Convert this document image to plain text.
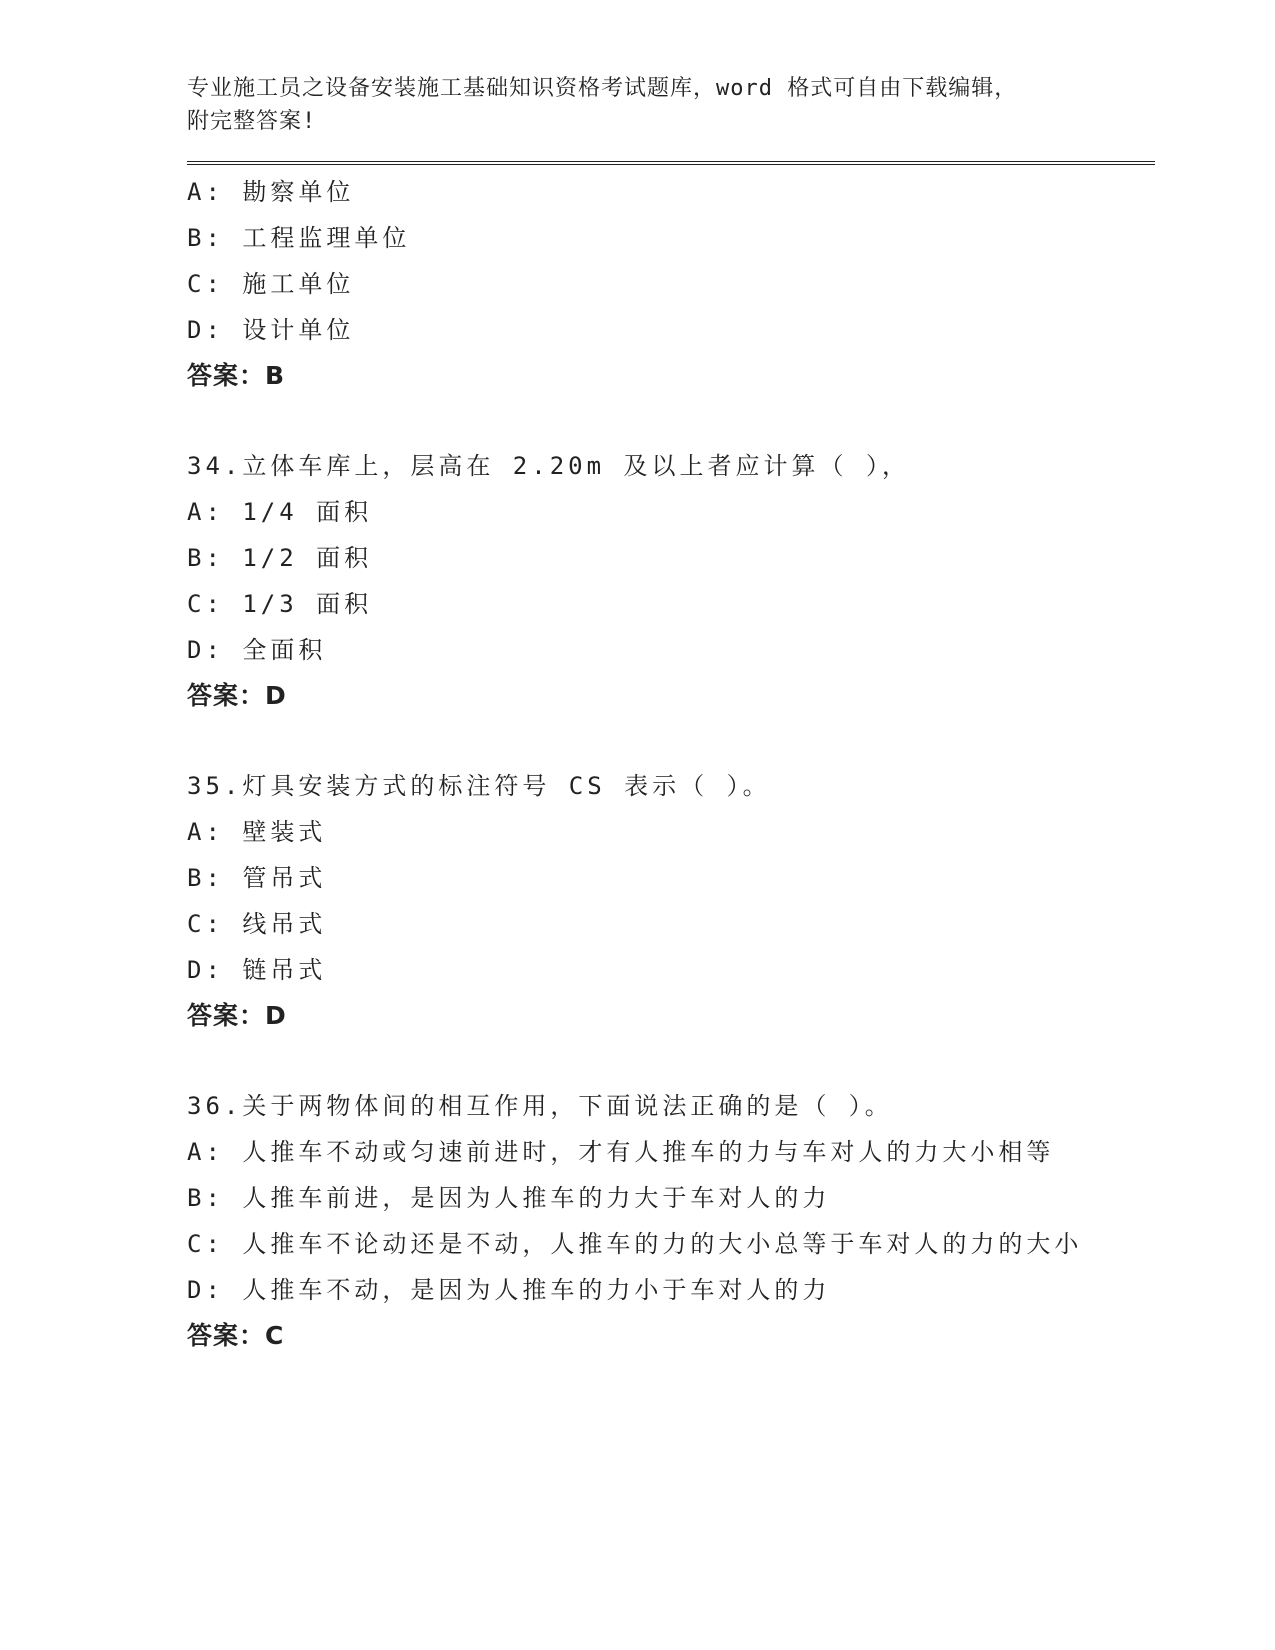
专业施工员之设备安装施工基础知识资格考试题库，word 格式可自由下载编辑，
附完整答案!
A: 勘察单位
B: 工程监理单位
C: 施工单位
D: 设计单位
答案：B
34.立体车库上，层高在 2.20m 及以上者应计算（ ），
A: 1/4 面积
B: 1/2 面积
C: 1/3 面积
D: 全面积
答案：D
35.灯具安装方式的标注符号 CS 表示（ ）。
A: 壁装式
B: 管吊式
C: 线吊式
D: 链吊式
答案：D
36.关于两物体间的相互作用，下面说法正确的是（ ）。
A: 人推车不动或匀速前进时，才有人推车的力与车对人的力大小相等
B: 人推车前进，是因为人推车的力大于车对人的力
C: 人推车不论动还是不动，人推车的力的大小总等于车对人的力的大小
D: 人推车不动，是因为人推车的力小于车对人的力
答案：C
